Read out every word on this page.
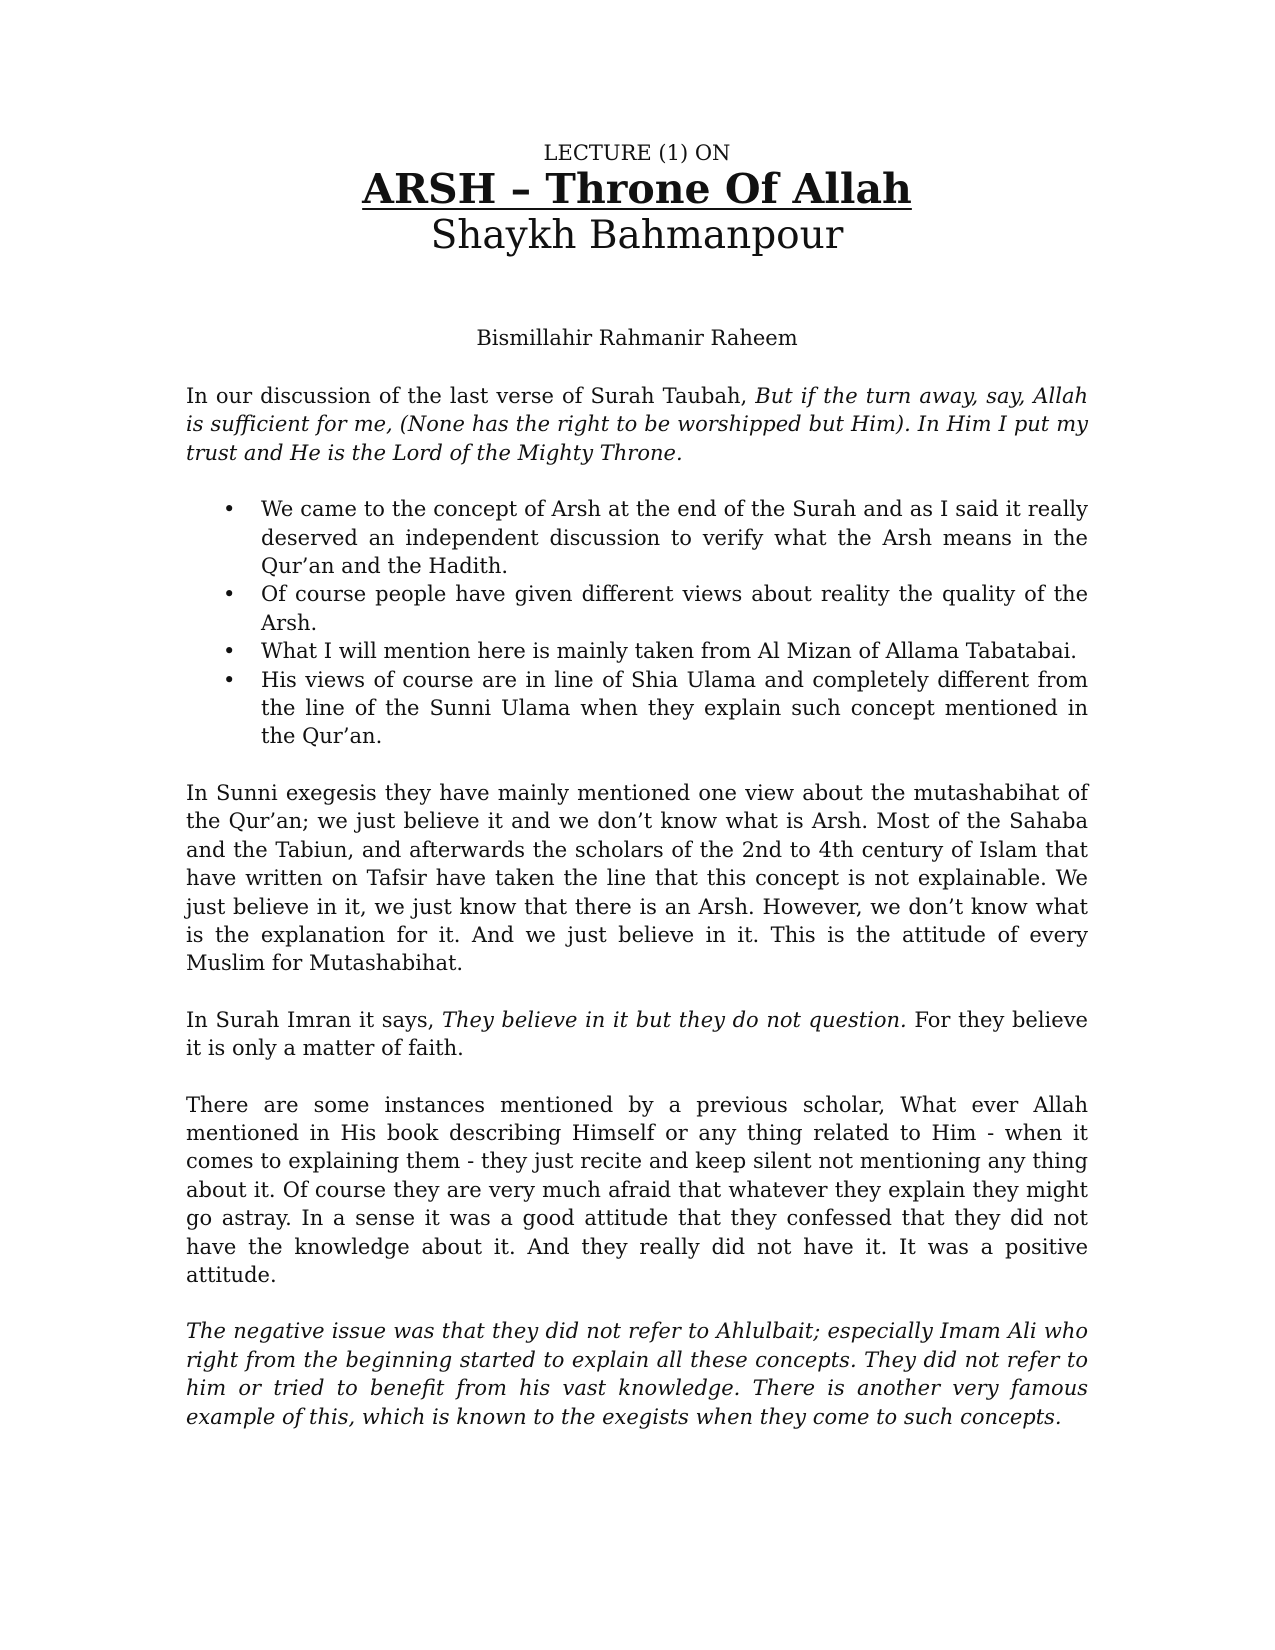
LECTURE (1) ON
ARSH – Throne Of Allah
Shaykh Bahmanpour
Bismillahir Rahmanir Raheem

In our discussion of the last verse of Surah Taubah, But if the turn away, say, Allah is sufficient for me, (None has the right to be worshipped but Him). In Him I put my trust and He is the Lord of the Mighty Throne.

• We came to the concept of Arsh at the end of the Surah and as I said it really deserved an independent discussion to verify what the Arsh means in the Qur’an and the Hadith.
• Of course people have given different views about reality the quality of the Arsh.
• What I will mention here is mainly taken from Al Mizan of Allama Tabatabai.
• His views of course are in line of Shia Ulama and completely different from the line of the Sunni Ulama when they explain such concept mentioned in the Qur’an.

In Sunni exegesis they have mainly mentioned one view about the mutashabihat of the Qur’an; we just believe it and we don’t know what is Arsh. Most of the Sahaba and the Tabiun, and afterwards the scholars of the 2nd to 4th century of Islam that have written on Tafsir have taken the line that this concept is not explainable. We just believe in it, we just know that there is an Arsh. However, we don’t know what is the explanation for it. And we just believe in it. This is the attitude of every Muslim for Mutashabihat.

In Surah Imran it says, They believe in it but they do not question. For they believe it is only a matter of faith.

There are some instances mentioned by a previous scholar, What ever Allah mentioned in His book describing Himself or any thing related to Him - when it comes to explaining them - they just recite and keep silent not mentioning any thing about it. Of course they are very much afraid that whatever they explain they might go astray. In a sense it was a good attitude that they confessed that they did not have the knowledge about it. And they really did not have it. It was a positive attitude.

The negative issue was that they did not refer to Ahlulbait; especially Imam Ali who right from the beginning started to explain all these concepts. They did not refer to him or tried to benefit from his vast knowledge. There is another very famous example of this, which is known to the exegists when they come to such concepts.
